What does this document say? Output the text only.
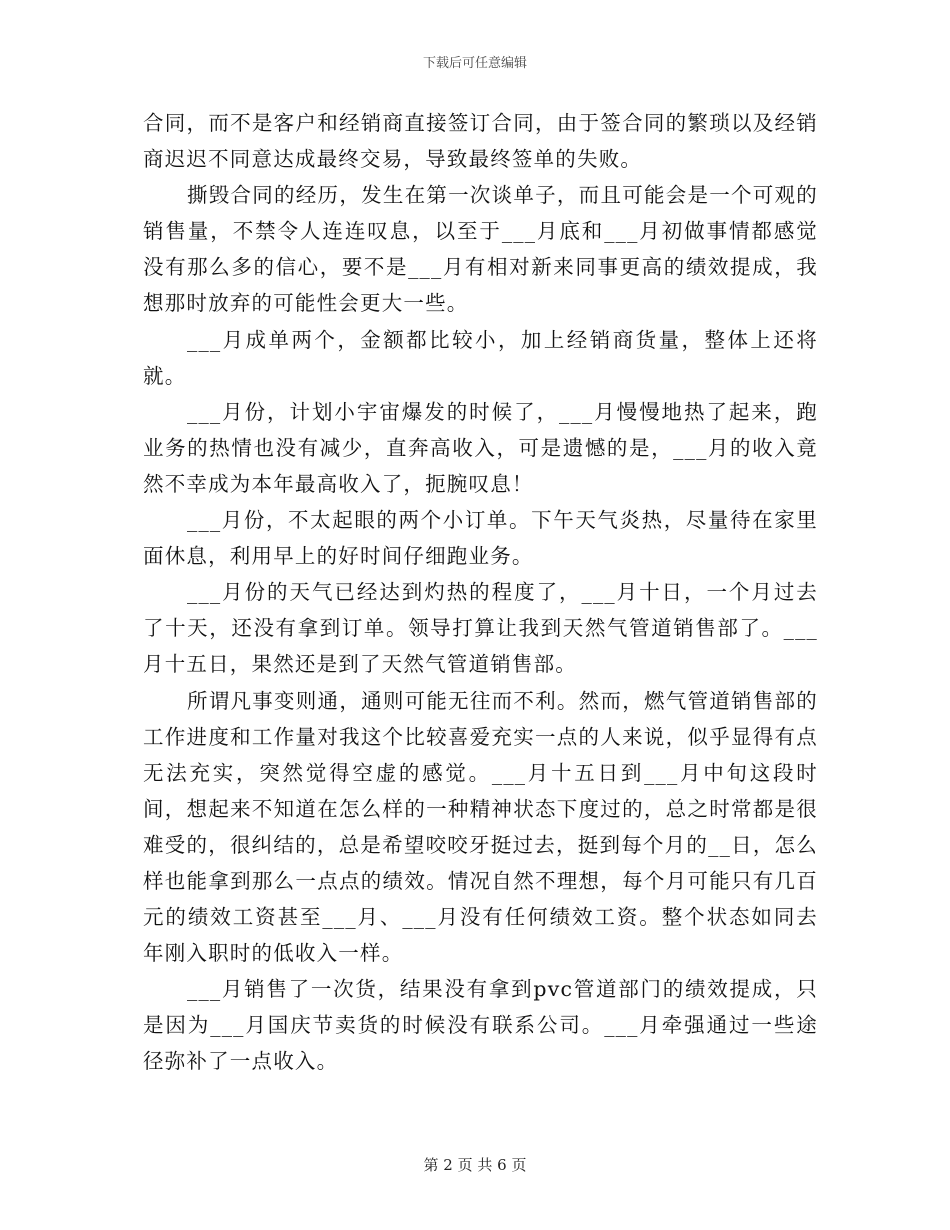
下载后可任意编辑

合同，而不是客户和经销商直接签订合同，由于签合同的繁琐以及经销商迟迟不同意达成最终交易，导致最终签单的失败。

撕毁合同的经历，发生在第一次谈单子，而且可能会是一个可观的销售量，不禁令人连连叹息，以至于___月底和___月初做事情都感觉没有那么多的信心，要不是___月有相对新来同事更高的绩效提成，我想那时放弃的可能性会更大一些。

___月成单两个，金额都比较小，加上经销商货量，整体上还将就。

___月份，计划小宇宙爆发的时候了，___月慢慢地热了起来，跑业务的热情也没有减少，直奔高收入，可是遗憾的是，___月的收入竟然不幸成为本年最高收入了，扼腕叹息！

___月份，不太起眼的两个小订单。下午天气炎热，尽量待在家里面休息，利用早上的好时间仔细跑业务。

___月份的天气已经达到灼热的程度了，___月十日，一个月过去了十天，还没有拿到订单。领导打算让我到天然气管道销售部了。___月十五日，果然还是到了天然气管道销售部。

所谓凡事变则通，通则可能无往而不利。然而，燃气管道销售部的工作进度和工作量对我这个比较喜爱充实一点的人来说，似乎显得有点无法充实，突然觉得空虚的感觉。___月十五日到___月中旬这段时间，想起来不知道在怎么样的一种精神状态下度过的，总之时常都是很难受的，很纠结的，总是希望咬咬牙挺过去，挺到每个月的__日，怎么样也能拿到那么一点点的绩效。情况自然不理想，每个月可能只有几百元的绩效工资甚至___月、___月没有任何绩效工资。整个状态如同去年刚入职时的低收入一样。

___月销售了一次货，结果没有拿到pvc管道部门的绩效提成，只是因为___月国庆节卖货的时候没有联系公司。___月牵强通过一些途径弥补了一点收入。

第 2 页 共 6 页
